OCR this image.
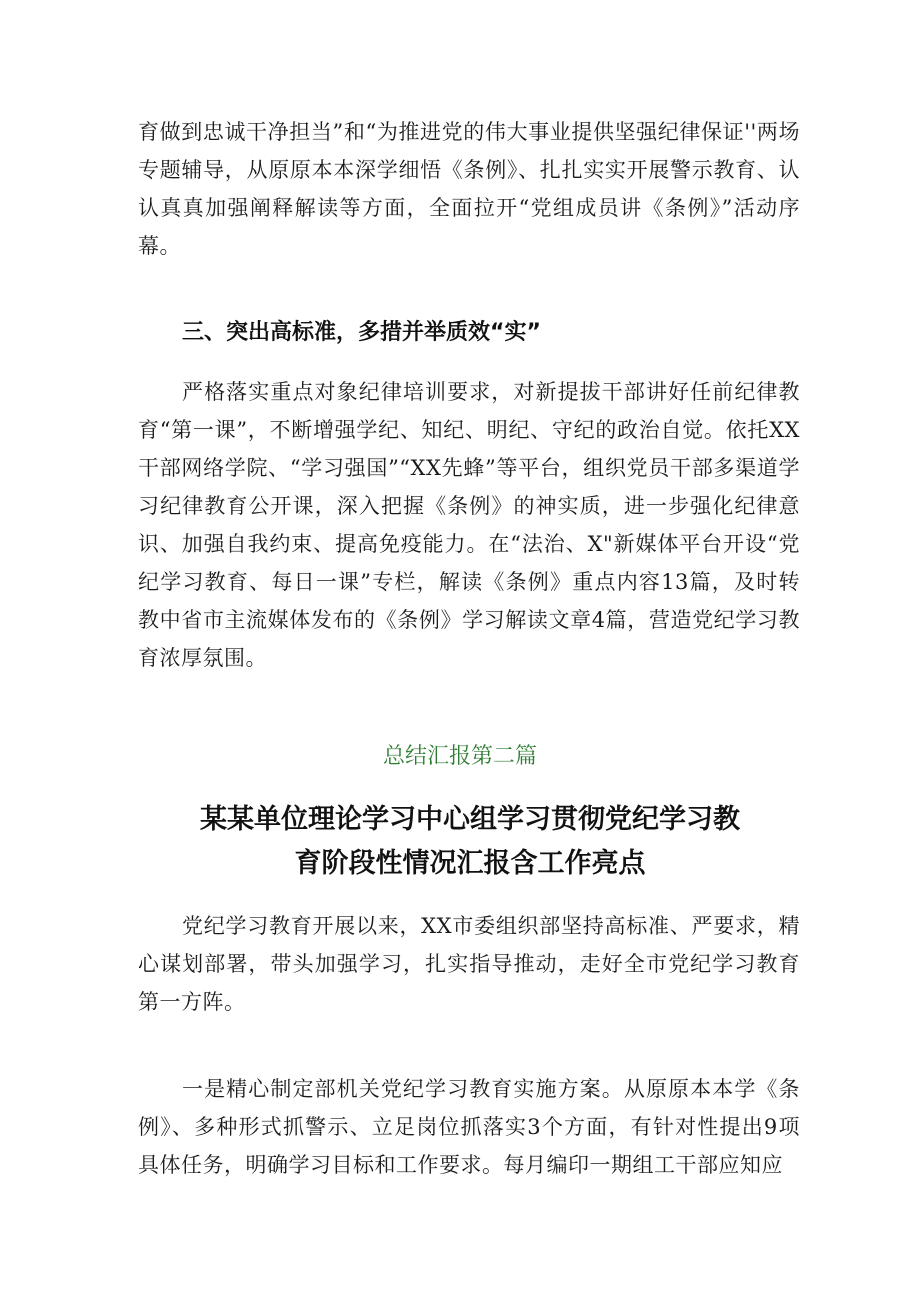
育做到忠诚干净担当”和“为推进党的伟大事业提供坚强纪律保证''两场专题辅导，从原原本本深学细悟《条例》、扎扎实实开展警示教育、认认真真加强阐释解读等方面，全面拉开“党组成员讲《条例》”活动序幕。

三、突出高标准，多措并举质效“实”

严格落实重点对象纪律培训要求，对新提拔干部讲好任前纪律教育“第一课”，不断增强学纪、知纪、明纪、守纪的政治自觉。依托XX干部网络学院、“学习强国”“XX先蜂”等平台，组织党员干部多渠道学习纪律教育公开课，深入把握《条例》的神实质，进一步强化纪律意识、加强自我约束、提高免疫能力。在“法治、X"新媒体平台开设“党纪学习教育、每日一课”专栏，解读《条例》重点内容13篇，及时转教中省市主流媒体发布的《条例》学习解读文章4篇，营造党纪学习教育浓厚氛围。

总结汇报第二篇

某某单位理论学习中心组学习贯彻党纪学习教
育阶段性情况汇报含工作亮点

党纪学习教育开展以来，XX市委组织部坚持高标准、严要求，精心谋划部署，带头加强学习，扎实指导推动，走好全市党纪学习教育第一方阵。

一是精心制定部机关党纪学习教育实施方案。从原原本本学《条例》、多种形式抓警示、立足岗位抓落实3个方面，有针对性提出9项具体任务，明确学习目标和工作要求。每月编印一期组工干部应知应
